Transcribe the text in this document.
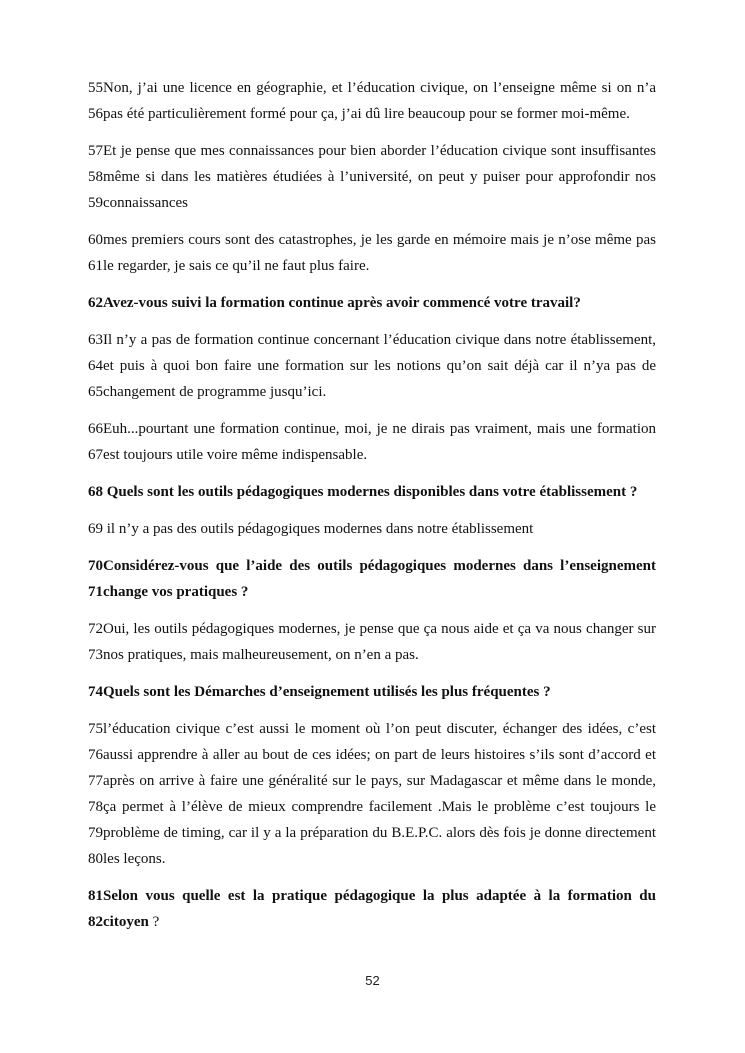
55Non, j’ai une licence en géographie, et l’éducation civique, on l’enseigne même si on n’a
56pas été particulièrement formé pour ça, j’ai dû lire beaucoup pour se former moi-même.

57Et je pense que mes connaissances pour bien aborder l’éducation civique sont insuffisantes
58même si dans les matières étudiées à l’université, on peut y puiser pour approfondir nos
59connaissances

60mes premiers cours sont des catastrophes, je les garde en mémoire mais je n’ose même pas
61le regarder, je sais ce qu’il ne faut plus faire.

62Avez-vous suivi la formation continue après avoir commencé votre travail?

63Il n’y a pas de formation continue concernant l’éducation civique dans notre établissement,
64et puis à quoi bon faire une formation sur les notions qu’on sait déjà car il n’ya pas de
65changement de programme jusqu’ici.

66Euh...pourtant une formation continue, moi, je ne dirais pas vraiment, mais une formation
67est toujours utile voire même indispensable.

68 Quels sont les outils pédagogiques modernes disponibles dans votre établissement ?

69 il n’y a pas des outils pédagogiques modernes dans notre établissement

70Considérez-vous que l’aide des outils pédagogiques modernes dans l’enseignement
71change vos pratiques ?

72Oui, les outils pédagogiques modernes, je pense que ça nous aide et ça va nous changer sur
73nos pratiques, mais malheureusement, on n’en a pas.

74Quels sont les Démarches d’enseignement utilisés les plus fréquentes ?

75l’éducation civique c’est aussi le moment où l’on peut discuter, échanger des idées, c’est
76aussi apprendre à aller au bout de ces idées; on part de leurs histoires s’ils sont d’accord et
77après on arrive à faire une généralité sur le pays, sur Madagascar et même dans le monde,
78ça permet à l’élève de mieux comprendre facilement .Mais le problème c’est toujours le
79problème de timing, car il y a la préparation du B.E.P.C. alors dès fois je donne directement
80les leçons.

81Selon vous quelle est la pratique pédagogique la plus adaptée à la formation du
82citoyen ?

52
